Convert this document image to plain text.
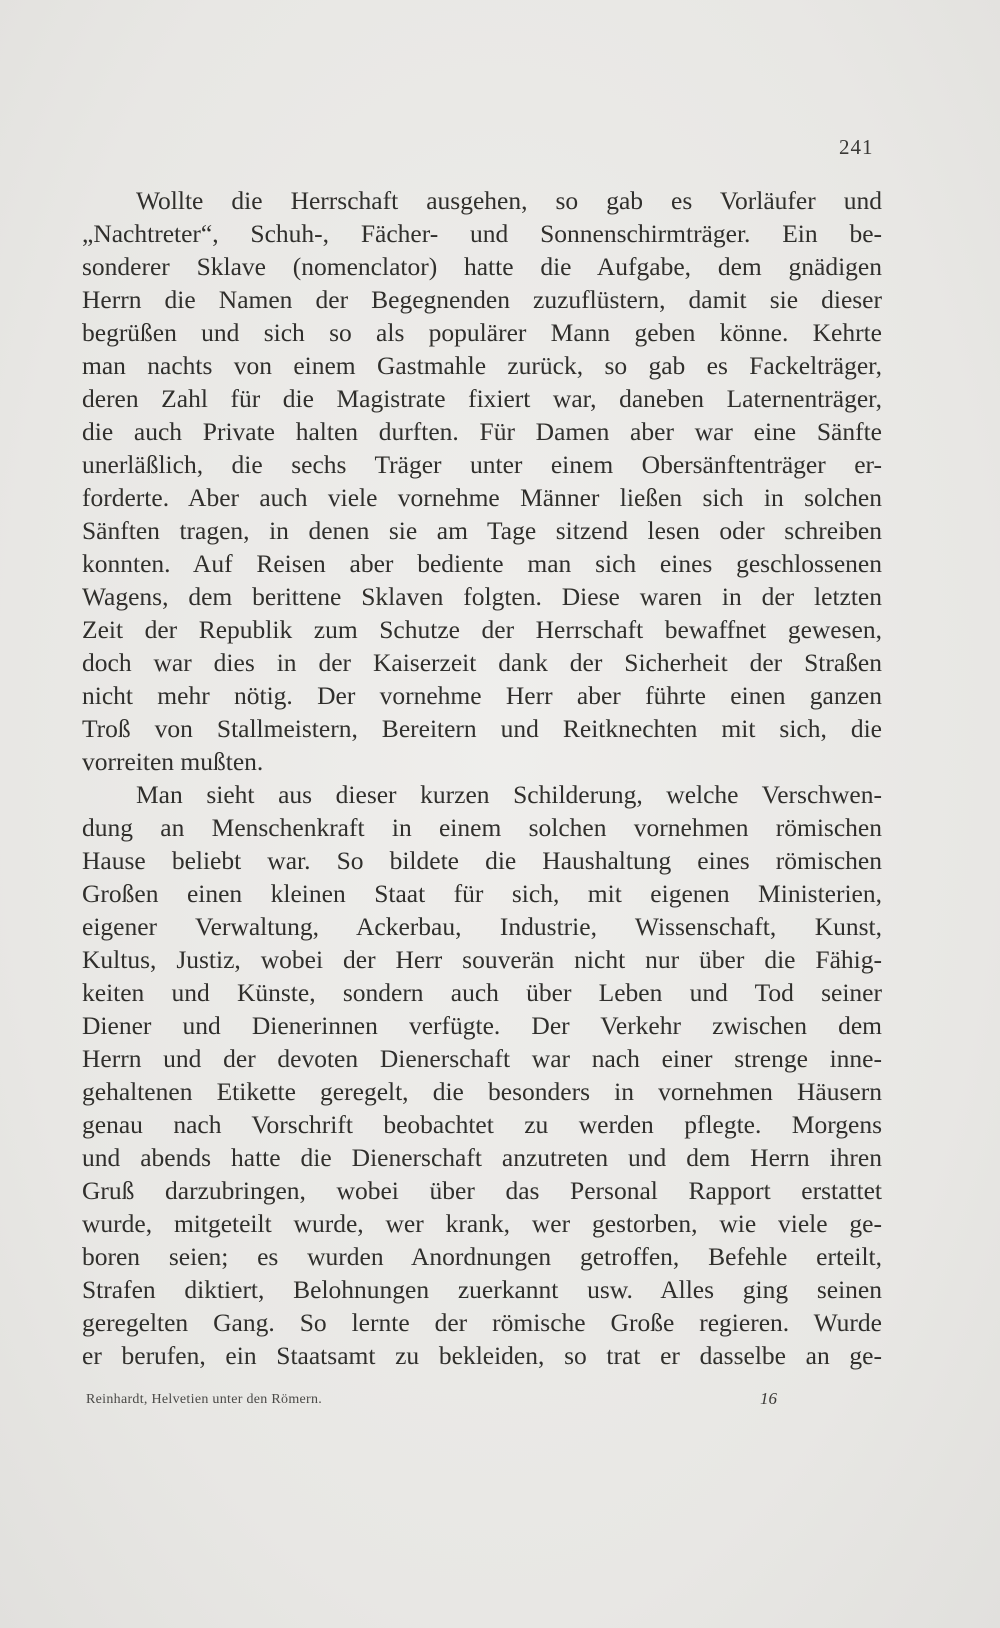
241
Wollte die Herrschaft ausgehen, so gab es Vorläufer und
„Nachtreter“, Schuh-, Fächer- und Sonnenschirmträger. Ein be-
sonderer Sklave (nomenclator) hatte die Aufgabe, dem gnädigen
Herrn die Namen der Begegnenden zuzuflüstern, damit sie dieser
begrüßen und sich so als populärer Mann geben könne. Kehrte
man nachts von einem Gastmahle zurück, so gab es Fackelträger,
deren Zahl für die Magistrate fixiert war, daneben Laternenträger,
die auch Private halten durften. Für Damen aber war eine Sänfte
unerläßlich, die sechs Träger unter einem Obersänftenträger er-
forderte. Aber auch viele vornehme Männer ließen sich in solchen
Sänften tragen, in denen sie am Tage sitzend lesen oder schreiben
konnten. Auf Reisen aber bediente man sich eines geschlossenen
Wagens, dem berittene Sklaven folgten. Diese waren in der letzten
Zeit der Republik zum Schutze der Herrschaft bewaffnet gewesen,
doch war dies in der Kaiserzeit dank der Sicherheit der Straßen
nicht mehr nötig. Der vornehme Herr aber führte einen ganzen
Troß von Stallmeistern, Bereitern und Reitknechten mit sich, die
vorreiten mußten.
Man sieht aus dieser kurzen Schilderung, welche Verschwen-
dung an Menschenkraft in einem solchen vornehmen römischen
Hause beliebt war. So bildete die Haushaltung eines römischen
Großen einen kleinen Staat für sich, mit eigenen Ministerien,
eigener Verwaltung, Ackerbau, Industrie, Wissenschaft, Kunst,
Kultus, Justiz, wobei der Herr souverän nicht nur über die Fähig-
keiten und Künste, sondern auch über Leben und Tod seiner
Diener und Dienerinnen verfügte. Der Verkehr zwischen dem
Herrn und der devoten Dienerschaft war nach einer strenge inne-
gehaltenen Etikette geregelt, die besonders in vornehmen Häusern
genau nach Vorschrift beobachtet zu werden pflegte. Morgens
und abends hatte die Dienerschaft anzutreten und dem Herrn ihren
Gruß darzubringen, wobei über das Personal Rapport erstattet
wurde, mitgeteilt wurde, wer krank, wer gestorben, wie viele ge-
boren seien; es wurden Anordnungen getroffen, Befehle erteilt,
Strafen diktiert, Belohnungen zuerkannt usw. Alles ging seinen
geregelten Gang. So lernte der römische Große regieren. Wurde
er berufen, ein Staatsamt zu bekleiden, so trat er dasselbe an ge-
Reinhardt, Helvetien unter den Römern.	16
